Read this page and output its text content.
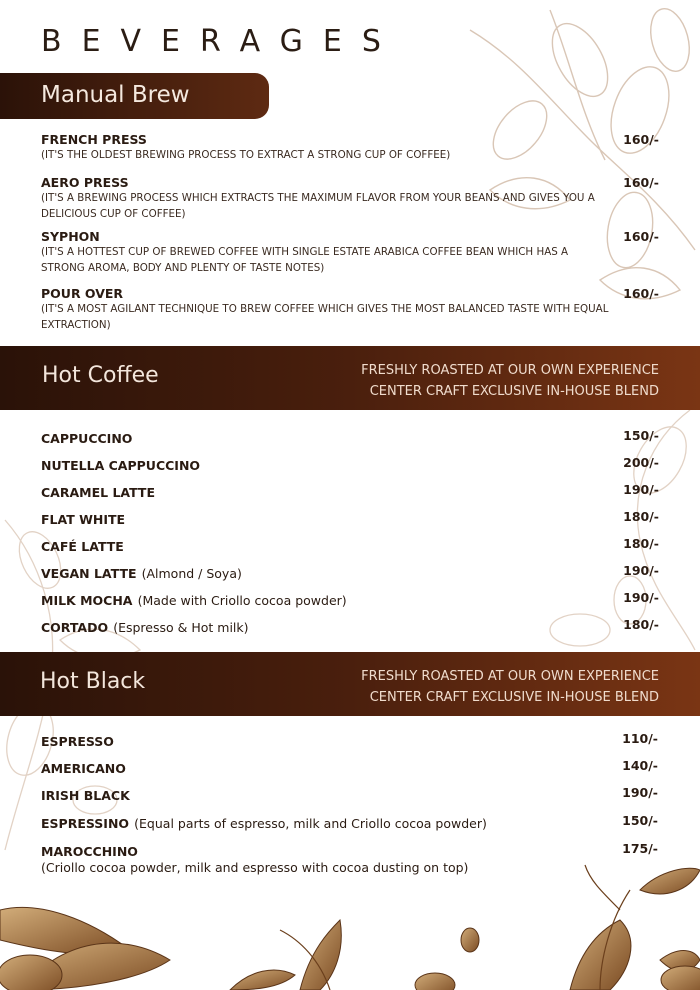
BEVERAGES
Manual Brew
FRENCH PRESS
(IT'S THE OLDEST BREWING PROCESS TO EXTRACT A STRONG CUP OF COFFEE)
160/-
AERO PRESS
(IT'S A BREWING PROCESS WHICH EXTRACTS THE MAXIMUM FLAVOR FROM YOUR BEANS AND GIVES YOU A DELICIOUS CUP OF COFFEE)
160/-
SYPHON
(IT'S A HOTTEST CUP OF BREWED COFFEE WITH SINGLE ESTATE ARABICA COFFEE BEAN WHICH HAS A STRONG AROMA, BODY AND PLENTY OF TASTE NOTES)
160/-
POUR OVER
(IT'S A MOST AGILANT TECHNIQUE TO BREW COFFEE WHICH GIVES THE MOST BALANCED TASTE WITH EQUAL EXTRACTION)
160/-
Hot Coffee	FRESHLY ROASTED AT OUR OWN EXPERIENCE
CENTER CRAFT EXCLUSIVE IN-HOUSE BLEND
CAPPUCCINO	150/-
NUTELLA CAPPUCCINO	200/-
CARAMEL LATTE	190/-
FLAT WHITE	180/-
CAFÉ LATTE	180/-
VEGAN LATTE (Almond / Soya)	190/-
MILK MOCHA (Made with Criollo cocoa powder)	190/-
CORTADO (Espresso & Hot milk)	180/-
Hot Black	FRESHLY ROASTED AT OUR OWN EXPERIENCE
CENTER CRAFT EXCLUSIVE IN-HOUSE BLEND
ESPRESSO	110/-
AMERICANO	140/-
IRISH BLACK	190/-
ESPRESSINO (Equal parts of espresso, milk and Criollo cocoa powder)	150/-
MAROCCHINO
(Criollo cocoa powder, milk and espresso with cocoa dusting on top)
175/-
